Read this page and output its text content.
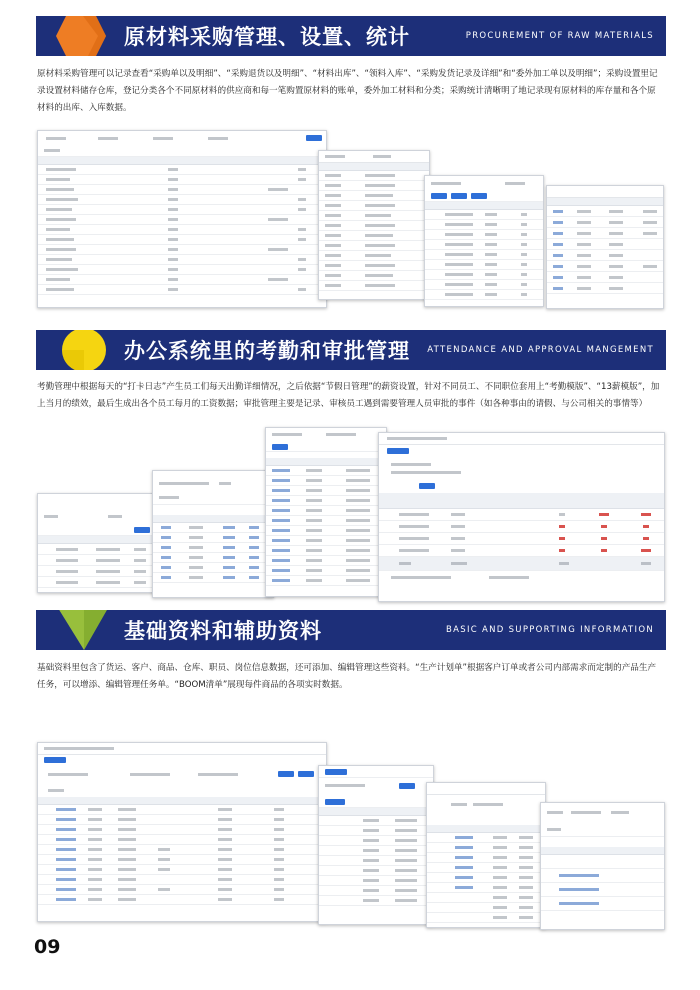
原材料采购管理、设置、统计	PROCUREMENT OF RAW MATERIALS
原材料采购管理可以记录查看“采购单以及明细”、“采购退货以及明细”、“材料出库”、“领料入库”、“采购发货记录及详细”和“委外加工单以及明细”；采购设置里记录设置材料储存仓库，登记分类各个不同原材料的供应商和每一笔购置原材料的账单，委外加工材料和分类；采购统计清晰明了地记录现有原材料的库存量和各个原材料的出库、入库数据。
办公系统里的考勤和审批管理 ATTENDANCE AND APPROVAL MANGEMENT
考勤管理中根据每天的“打卡日志”产生员工们每天出勤详细情况，之后依据“节假日管理”的薪资设置，针对不同员工、不同职位套用上“考勤模版”、“13薪模版”，加上当月的绩效，最后生成出各个员工每月的工资数据；审批管理主要是记录、审核员工遇到需要管理人员审批的事件（如各种事由的请假、与公司相关的事情等）
基础资料和辅助资料	BASIC AND SUPPORTING INFORMATION
基础资料里包含了货运、客户、商品、仓库、职员、岗位信息数据，还可添加、编辑管理这些资料。“生产计划单”根据客户订单或者公司内部需求而定制的产品生产任务，可以增添、编辑管理任务单。“BOOM清单”展现每件商品的各项实时数据。
09
